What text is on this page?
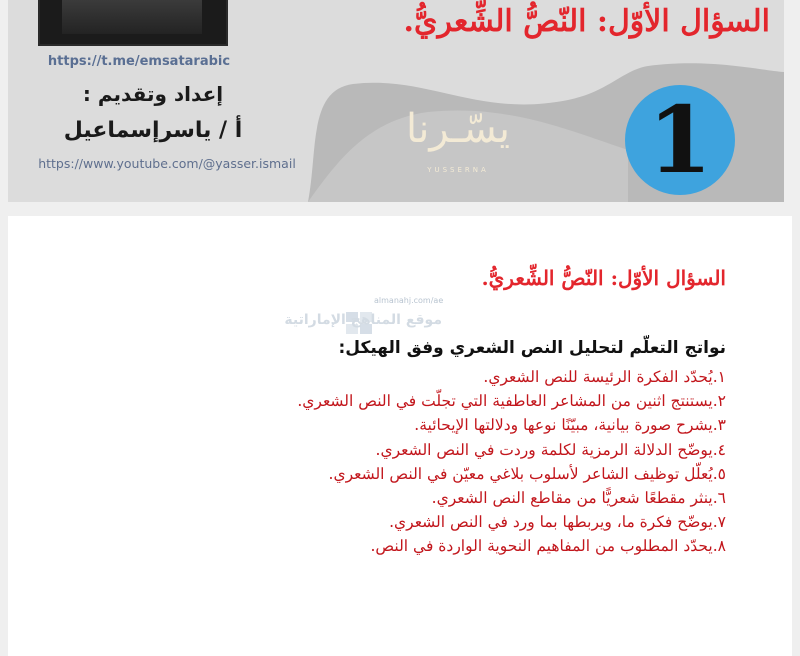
https://t.me/emsatarabic
إعداد وتقديم :
أ / ياسرإسماعيل
https://www.youtube.com/@yasser.ismail
السؤال الأوّل: النّصُّ الشِّعريُّ.
يسّـرنا
YUSSERNA 1
السؤال الأوّل: النّصُّ الشِّعريُّ.
almanahj.com/ae
موقع المناهج الإماراتية
نواتج التعلّم لتحليل النص الشعري وفق الهيكل:
١.يُحدّد الفكرة الرئيسة للنص الشعري.
٢.يستنتج اثنين من المشاعر العاطفية التي تجلّت في النص الشعري.
٣.يشرح صورة بيانية، مبيّنًا نوعها ودلالتها الإيحائية.
٤.يوضّح الدلالة الرمزية لكلمة وردت في النص الشعري.
٥.يُعلّل توظيف الشاعر لأسلوب بلاغي معيّن في النص الشعري.
٦.ينثر مقطعًا شعريًّا من مقاطع النص الشعري.
٧.يوضّح فكرة ما، ويربطها بما ورد في النص الشعري.
٨.يحدّد المطلوب من المفاهيم النحوية الواردة في النص.
